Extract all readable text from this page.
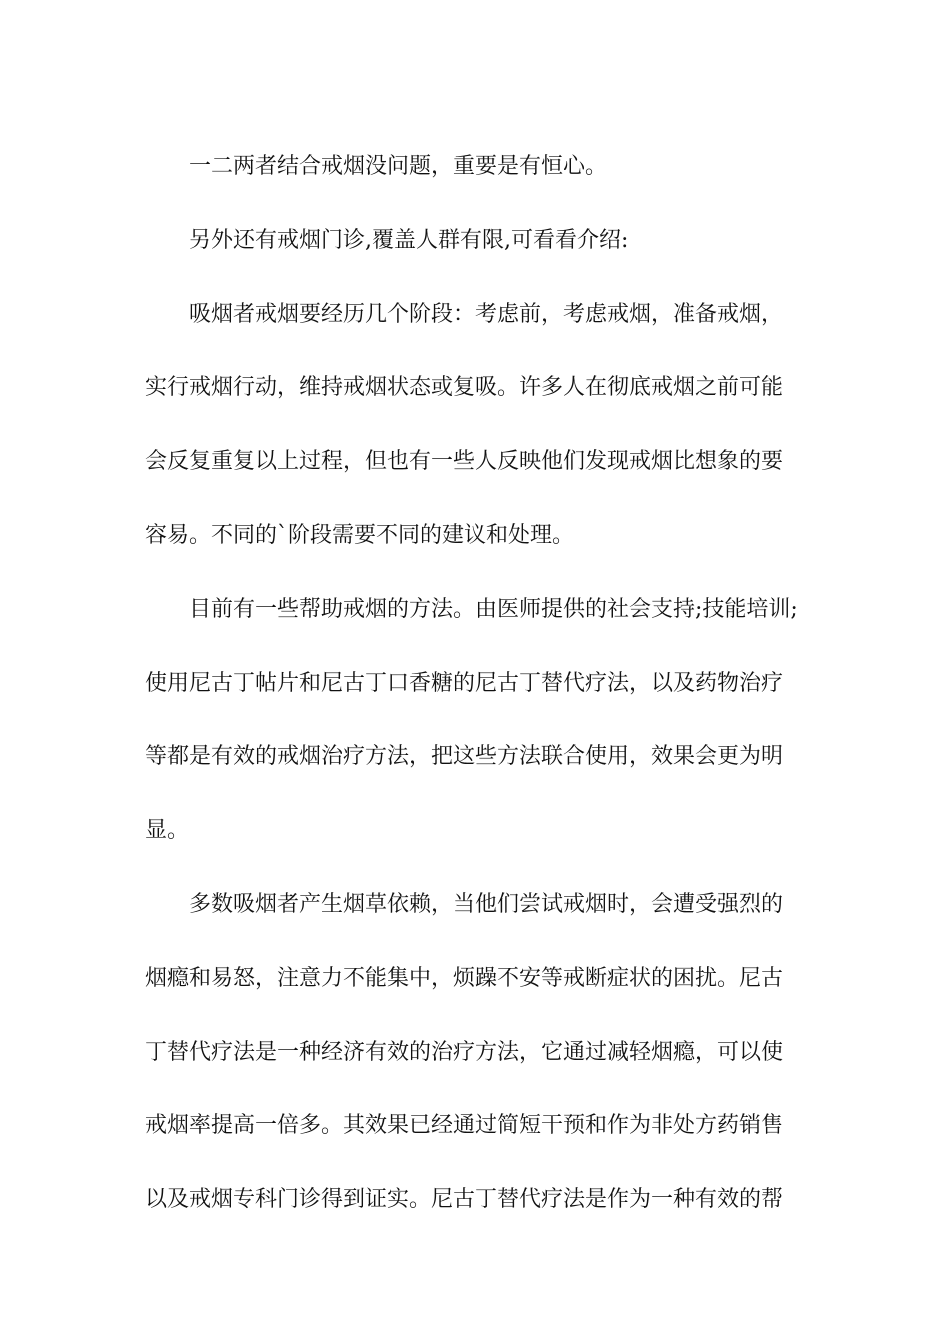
一二两者结合戒烟没问题，重要是有恒心。
另外还有戒烟门诊,覆盖人群有限,可看看介绍:
吸烟者戒烟要经历几个阶段：考虑前，考虑戒烟，准备戒烟，
实行戒烟行动，维持戒烟状态或复吸。许多人在彻底戒烟之前可能
会反复重复以上过程，但也有一些人反映他们发现戒烟比想象的要
容易。不同的`阶段需要不同的建议和处理。
目前有一些帮助戒烟的方法。由医师提供的社会支持;技能培训;
使用尼古丁帖片和尼古丁口香糖的尼古丁替代疗法，以及药物治疗
等都是有效的戒烟治疗方法，把这些方法联合使用，效果会更为明
显。
多数吸烟者产生烟草依赖，当他们尝试戒烟时，会遭受强烈的
烟瘾和易怒，注意力不能集中，烦躁不安等戒断症状的困扰。尼古
丁替代疗法是一种经济有效的治疗方法，它通过减轻烟瘾，可以使
戒烟率提高一倍多。其效果已经通过简短干预和作为非处方药销售
以及戒烟专科门诊得到证实。尼古丁替代疗法是作为一种有效的帮
